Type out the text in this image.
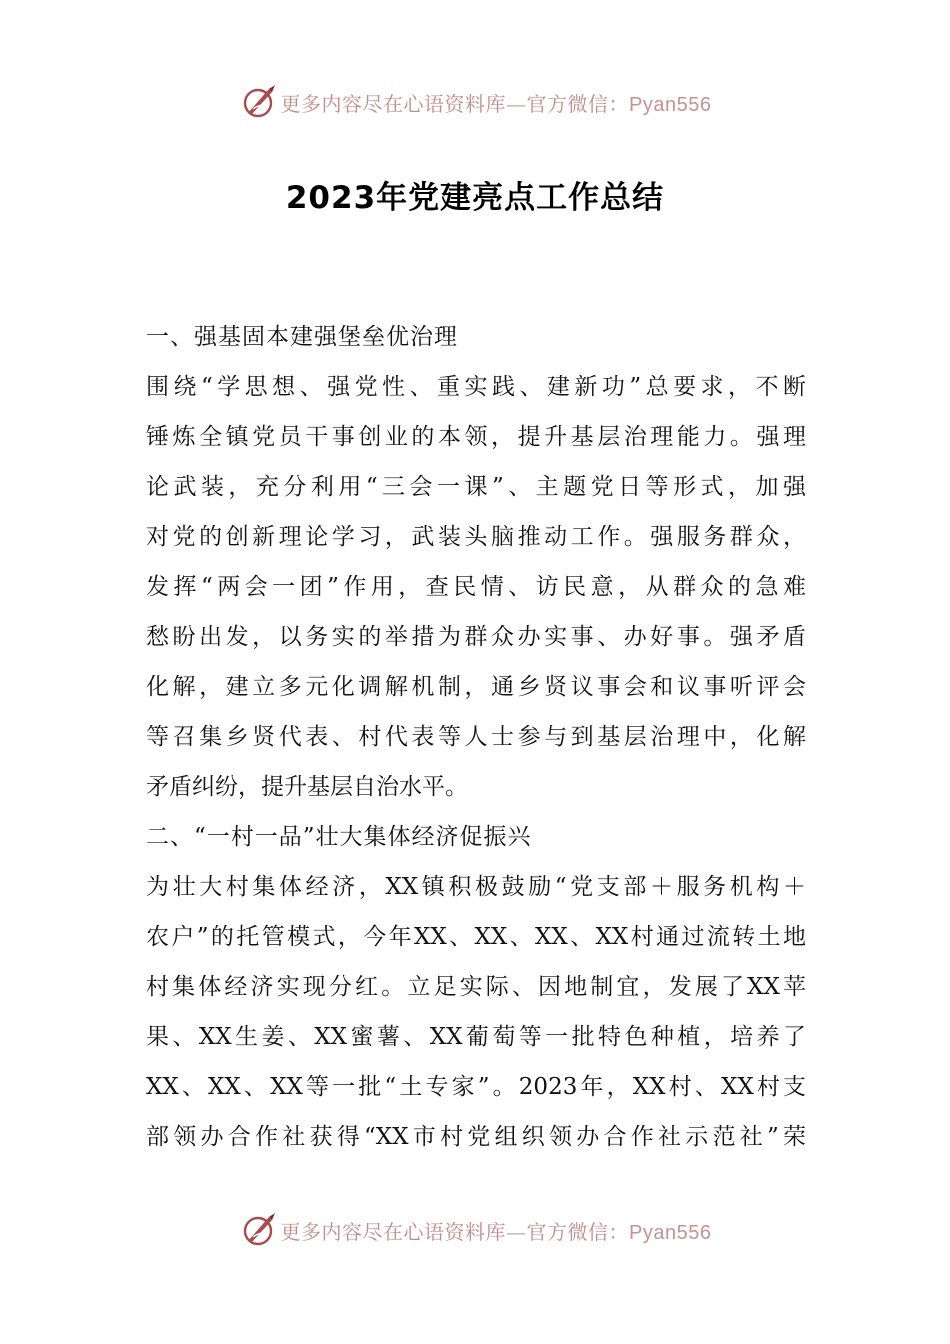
更多内容尽在心语资料库—官方微信：Pyan556
2023年党建亮点工作总结
一、强基固本建强堡垒优治理
围绕“学思想、强党性、重实践、建新功”总要求，不断
锤炼全镇党员干事创业的本领，提升基层治理能力。强理
论武装，充分利用“三会一课”、主题党日等形式，加强
对党的创新理论学习，武装头脑推动工作。强服务群众，
发挥“两会一团”作用，查民情、访民意，从群众的急难
愁盼出发，以务实的举措为群众办实事、办好事。强矛盾
化解，建立多元化调解机制，通乡贤议事会和议事听评会
等召集乡贤代表、村代表等人士参与到基层治理中，化解
矛盾纠纷，提升基层自治水平。
二、“一村一品”壮大集体经济促振兴
为壮大村集体经济，XX镇积极鼓励“党支部＋服务机构＋
农户”的托管模式，今年XX、XX、XX、XX村通过流转土地
村集体经济实现分红。立足实际、因地制宜，发展了XX苹
果、XX生姜、XX蜜薯、XX葡萄等一批特色种植，培养了
XX、XX、XX等一批“土专家”。2023年，XX村、XX村支
部领办合作社获得“XX市村党组织领办合作社示范社”荣
更多内容尽在心语资料库—官方微信：Pyan556
